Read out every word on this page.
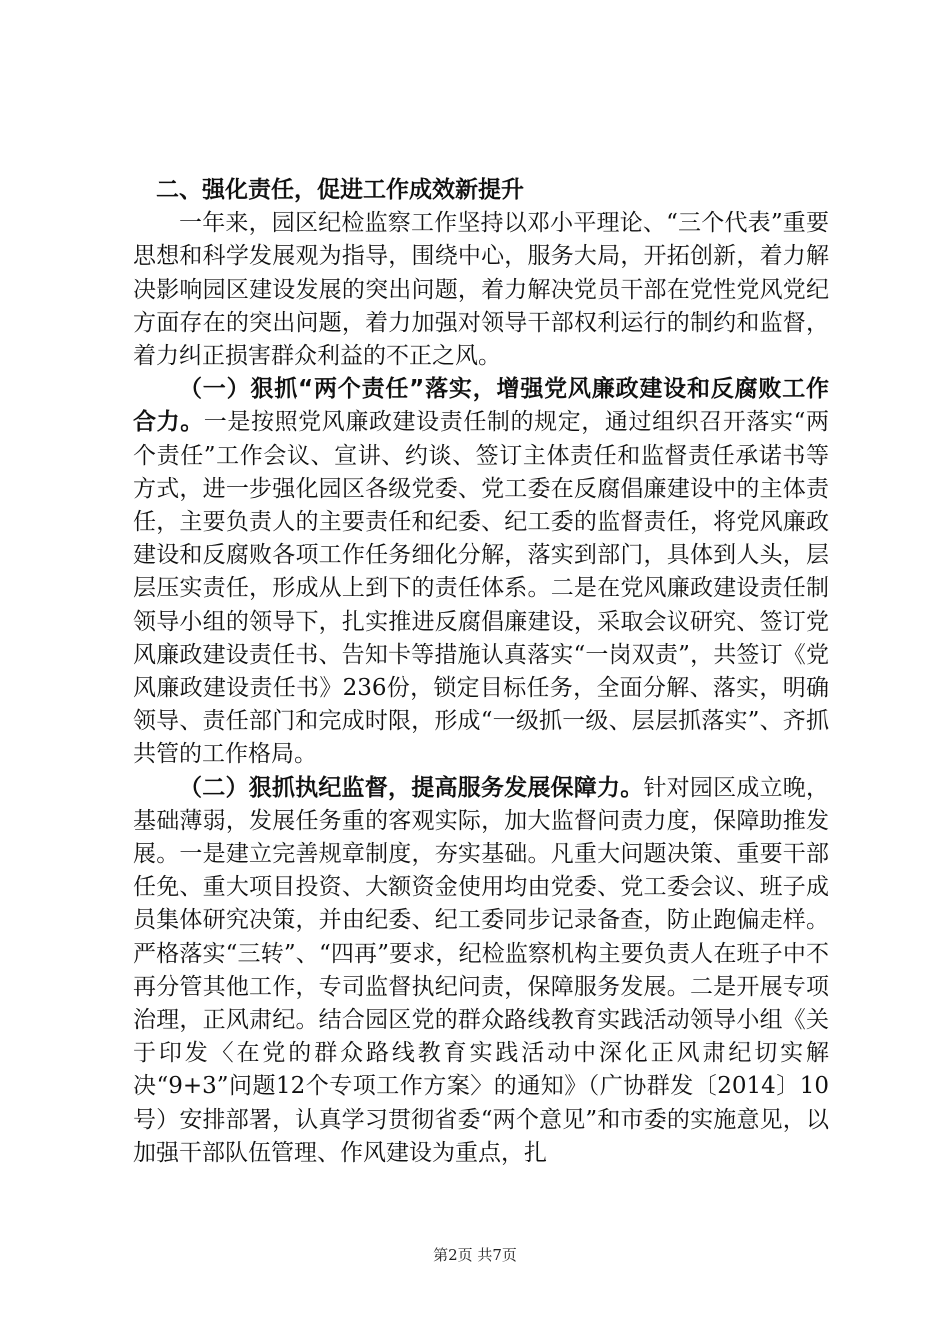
二、强化责任，促进工作成效新提升

一年来，园区纪检监察工作坚持以邓小平理论、“三个代表”重要思想和科学发展观为指导，围绕中心，服务大局，开拓创新，着力解决影响园区建设发展的突出问题，着力解决党员干部在党性党风党纪方面存在的突出问题，着力加强对领导干部权利运行的制约和监督，着力纠正损害群众利益的不正之风。

（一）狠抓“两个责任”落实，增强党风廉政建设和反腐败工作合力。一是按照党风廉政建设责任制的规定，通过组织召开落实“两个责任”工作会议、宣讲、约谈、签订主体责任和监督责任承诺书等方式，进一步强化园区各级党委、党工委在反腐倡廉建设中的主体责任，主要负责人的主要责任和纪委、纪工委的监督责任，将党风廉政建设和反腐败各项工作任务细化分解，落实到部门，具体到人头，层层压实责任，形成从上到下的责任体系。二是在党风廉政建设责任制领导小组的领导下，扎实推进反腐倡廉建设，采取会议研究、签订党风廉政建设责任书、告知卡等措施认真落实“一岗双责”，共签订《党风廉政建设责任书》236份，锁定目标任务，全面分解、落实，明确领导、责任部门和完成时限，形成“一级抓一级、层层抓落实”、齐抓共管的工作格局。

（二）狠抓执纪监督，提高服务发展保障力。针对园区成立晚，基础薄弱，发展任务重的客观实际，加大监督问责力度，保障助推发展。一是建立完善规章制度，夯实基础。凡重大问题决策、重要干部任免、重大项目投资、大额资金使用均由党委、党工委会议、班子成员集体研究决策，并由纪委、纪工委同步记录备查，防止跑偏走样。严格落实“三转”、“四再”要求，纪检监察机构主要负责人在班子中不再分管其他工作，专司监督执纪问责，保障服务发展。二是开展专项治理，正风肃纪。结合园区党的群众路线教育实践活动领导小组《关于印发〈在党的群众路线教育实践活动中深化正风肃纪切实解决“9+3”问题12个专项工作方案〉的通知》（广协群发〔2014〕10号）安排部署，认真学习贯彻省委“两个意见”和市委的实施意见，以加强干部队伍管理、作风建设为重点，扎

第2页 共7页
